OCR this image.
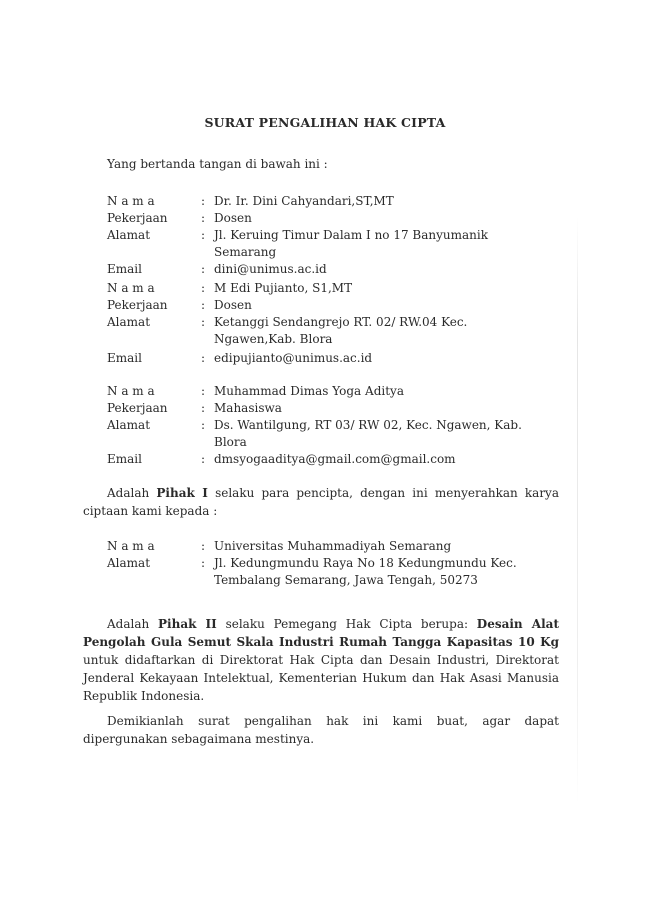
SURAT PENGALIHAN HAK CIPTA
Yang bertanda tangan di bawah ini :
N a m a	: Dr. Ir. Dini Cahyandari,ST,MT
Pekerjaan	: Dosen
Alamat	: Jl. Keruing Timur Dalam I no 17 Banyumanik Semarang
Email	: dini@unimus.ac.id
N a m a	: M Edi Pujianto, S1,MT
Pekerjaan	: Dosen
Alamat	: Ketanggi Sendangrejo RT. 02/ RW.04 Kec. Ngawen,Kab. Blora
Email	: edipujianto@unimus.ac.id
N a m a	: Muhammad Dimas Yoga Aditya
Pekerjaan	: Mahasiswa
Alamat	: Ds. Wantilgung, RT 03/ RW 02, Kec. Ngawen, Kab. Blora
Email	: dmsyogaaditya@gmail.com@gmail.com
Adalah Pihak I selaku para pencipta, dengan ini menyerahkan karya ciptaan kami kepada :
N a m a	: Universitas Muhammadiyah Semarang
Alamat	: Jl. Kedungmundu Raya No 18 Kedungmundu Kec. Tembalang Semarang, Jawa Tengah, 50273
Adalah Pihak II selaku Pemegang Hak Cipta berupa: Desain Alat Pengolah Gula Semut Skala Industri Rumah Tangga Kapasitas 10 Kg untuk didaftarkan di Direktorat Hak Cipta dan Desain Industri, Direktorat Jenderal Kekayaan Intelektual, Kementerian Hukum dan Hak Asasi Manusia Republik Indonesia.
Demikianlah surat pengalihan hak ini kami buat, agar dapat dipergunakan sebagaimana mestinya.
